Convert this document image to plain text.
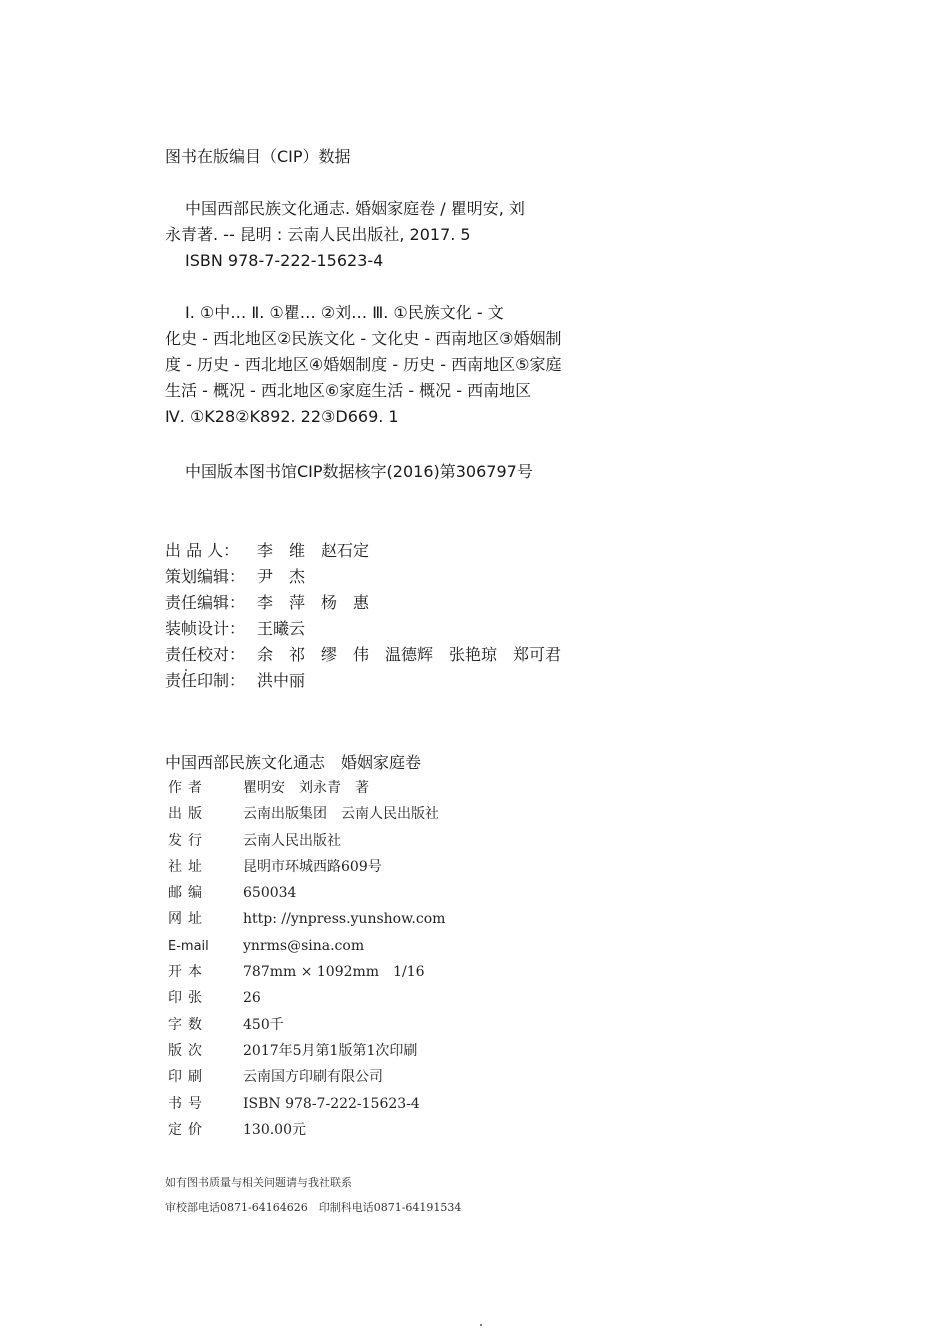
图书在版编目（CIP）数据
中国西部民族文化通志. 婚姻家庭卷 / 瞿明安, 刘
永青著. -- 昆明 : 云南人民出版社, 2017. 5
ISBN 978-7-222-15623-4
Ⅰ. ①中… Ⅱ. ①瞿… ②刘… Ⅲ. ①民族文化 - 文
化史 - 西北地区②民族文化 - 文化史 - 西南地区③婚姻制
度 - 历史 - 西北地区④婚姻制度 - 历史 - 西南地区⑤家庭
生活 - 概况 - 西北地区⑥家庭生活 - 概况 - 西南地区
Ⅳ. ①K28②K892. 22③D669. 1
中国版本图书馆CIP数据核字(2016)第306797号
出 品 人： 李　维　赵石定
策划编辑： 尹　杰
责任编辑： 李　萍　杨　惠
装帧设计： 王曦云
责任校对： 余　祁　缪　伟　温德辉　张艳琼　郑可君
责任印制： 洪中丽
中国西部民族文化通志　婚姻家庭卷
作者	瞿明安　刘永青　著
出版	云南出版集团　云南人民出版社
发行	云南人民出版社
社址	昆明市环城西路609号
邮编	650034
网址	http: //ynpress.yunshow.com
E-mail ynrms@sina.com
开本	787mm × 1092mm　1/16
印张	26
字数	450千
版次	2017年5月第1版第1次印刷
印刷	云南国方印刷有限公司
书号	ISBN 978-7-222-15623-4
定价	130.00元
如有图书质量与相关问题请与我社联系
审校部电话0871-64164626　印制科电话0871-64191534
